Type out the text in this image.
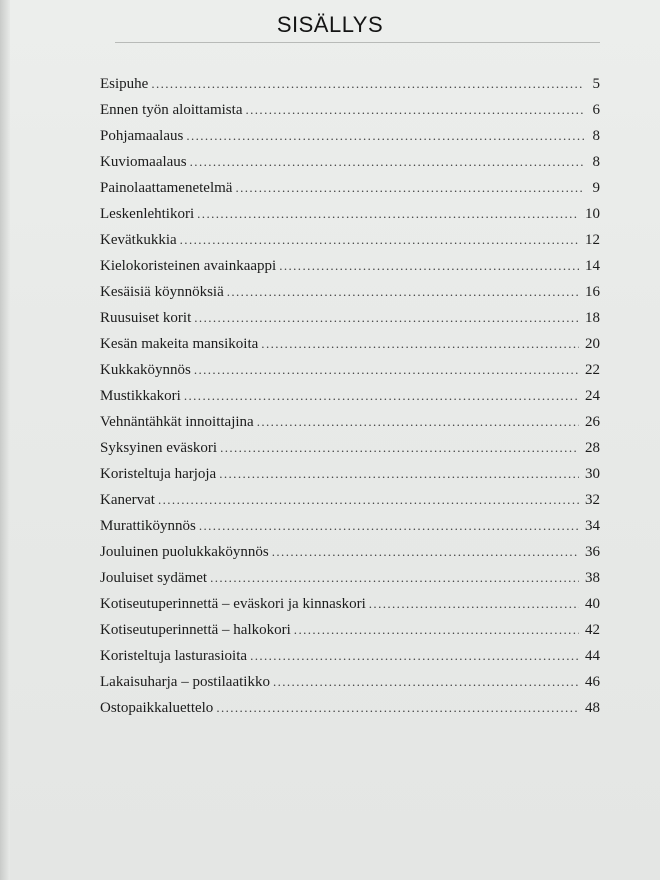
SISÄLLYS
Esipuhe .....	5
Ennen työn aloittamista .....	6
Pohjamaalaus .....	8
Kuviomaalaus .....	8
Painolaattamenetelmä .....	9
Leskenlehtikori .....	10
Kevätkukkia .....	12
Kielokoristeinen avainkaappi .....	14
Kesäisiä köynnöksiä .....	16
Ruusuiset korit .....	18
Kesän makeita mansikoita .....	20
Kukkaköynnös .....	22
Mustikkakori .....	24
Vehnäntähkät innoittajina .....	26
Syksyinen eväskori .....	28
Koristeltuja harjoja .....	30
Kanervat .....	32
Murattiköynnös .....	34
Jouluinen puolukkaköynnös .....	36
Jouluiset sydämet .....	38
Kotiseutuperinnettä – eväskori ja kinnaskori .....	40
Kotiseutuperinnettä – halkokori .....	42
Koristeltuja lasturasioita .....	44
Lakaisuharja – postilaatikko .....	46
Ostopaikkaluettelo .....	48
